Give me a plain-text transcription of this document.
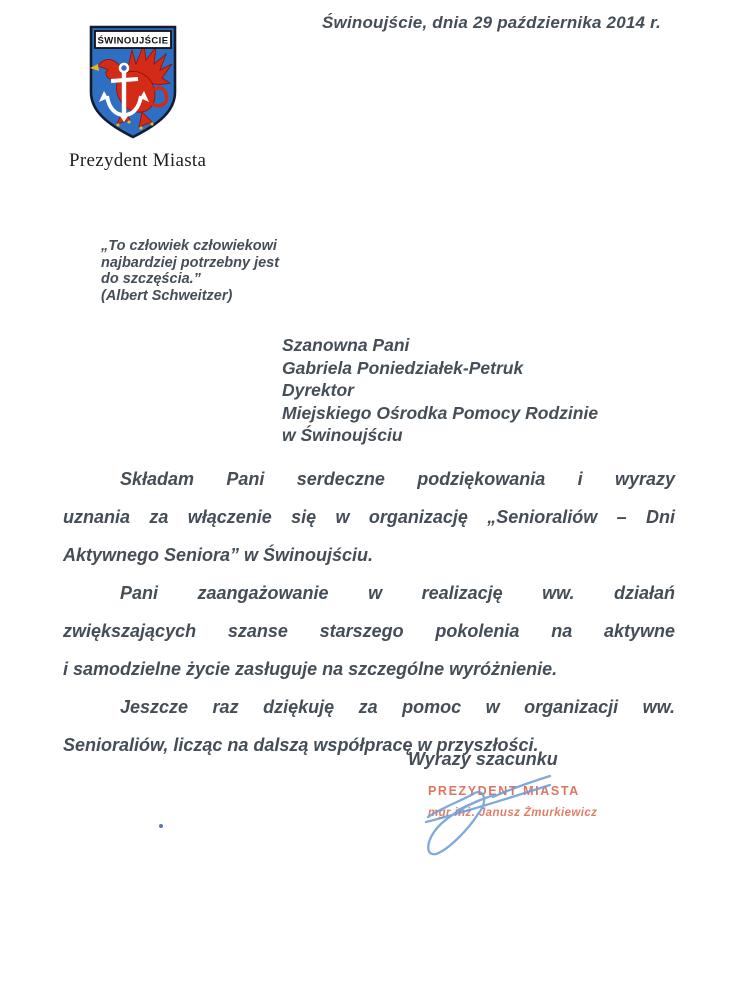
Świnoujście, dnia 29 października 2014 r.
ŚWINOUJŚCIE
Prezydent Miasta
„To człowiek człowiekowi
najbardziej potrzebny jest
do szczęścia.”
(Albert Schweitzer)
Szanowna Pani
Gabriela Poniedziałek-Petruk
Dyrektor
Miejskiego Ośrodka Pomocy Rodzinie
w Świnoujściu
Składam Pani serdeczne podziękowania i wyrazy
uznania za włączenie się w organizację „Senioraliów – Dni
Aktywnego Seniora” w Świnoujściu.
Pani zaangażowanie w realizację ww. działań
zwiększających szanse starszego pokolenia na aktywne
i samodzielne życie zasługuje na szczególne wyróżnienie.
Jeszcze raz dziękuję za pomoc w organizacji ww.
Senioraliów, licząc na dalszą współpracę w przyszłości.
Wyrazy szacunku
PREZYDENT MIASTA
mgr inż. Janusz Żmurkiewicz
